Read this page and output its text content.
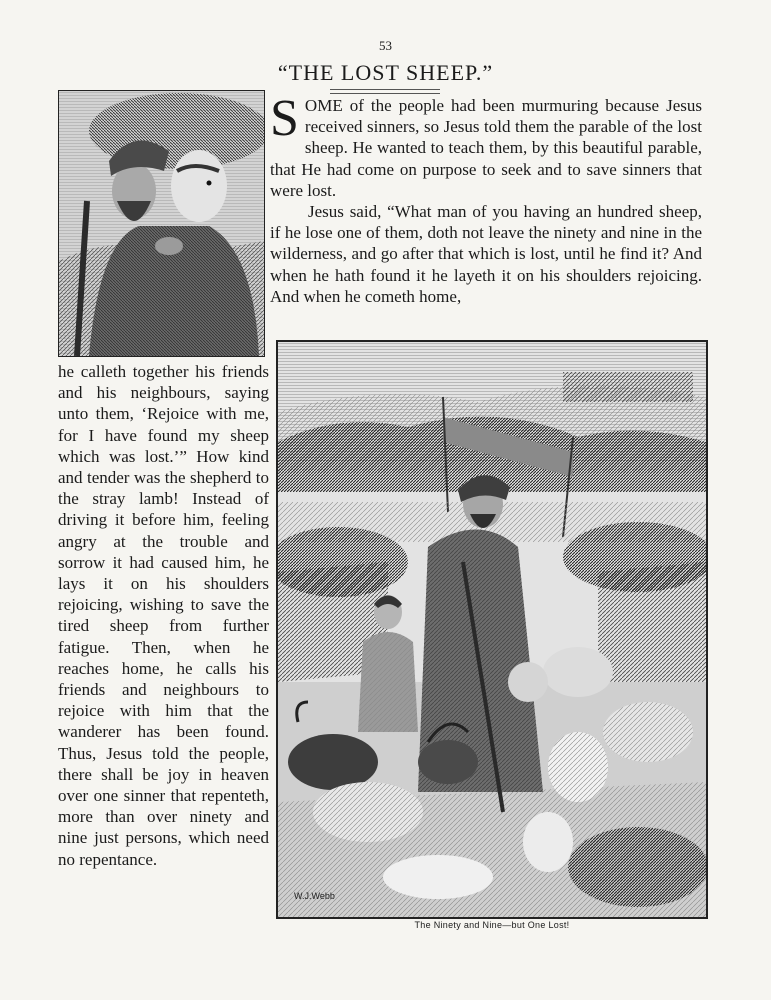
53
“THE LOST SHEEP.”

SOME of the people had been murmuring because Jesus received sinners, so Jesus told them the parable of the lost sheep. He wanted to teach them, by this beautiful parable, that He had come on purpose to seek and to save sinners that were lost.

Jesus said, “What man of you having an hundred sheep, if he lose one of them, doth not leave the ninety and nine in the wilderness, and go after that which is lost, until he find it? And when he hath found it he layeth it on his shoulders rejoicing. And when he cometh home,

he calleth together his friends and his neighbours, saying unto them, ‘Rejoice with me, for I have found my sheep which was lost.’” How kind and tender was the shepherd to the stray lamb! Instead of driving it before him, feeling angry at the trouble and sorrow it had caused him, he lays it on his shoulders rejoicing, wishing to save the tired sheep from further fatigue. Then, when he reaches home, he calls his friends and neighbours to rejoice with him that the wanderer has been found. Thus, Jesus told the people, there shall be joy in heaven over one sinner that repenteth, more than over ninety and nine just persons, which need no repentance.

W.J.Webb
The Ninety and Nine—but One Lost!
